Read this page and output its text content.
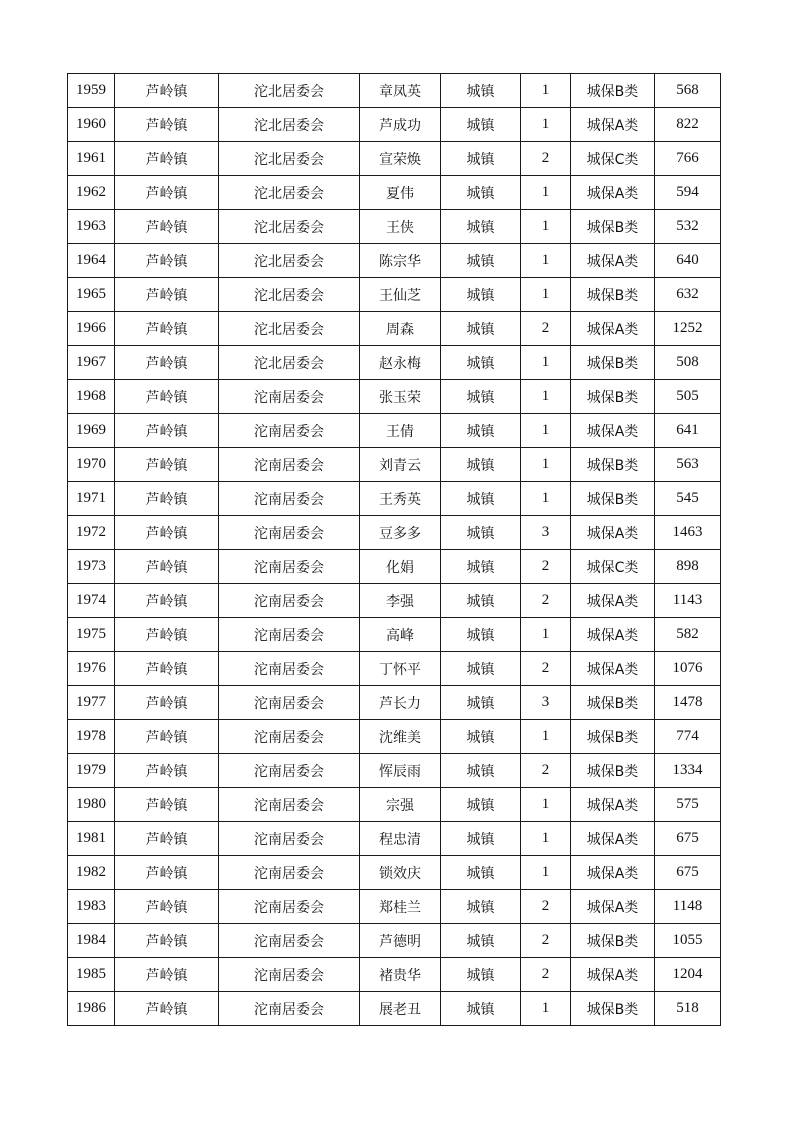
1959	芦岭镇	沱北居委会	章凤英	城镇	1	城保B类	568
1960	芦岭镇	沱北居委会	芦成功	城镇	1	城保A类	822
1961	芦岭镇	沱北居委会	宣荣焕	城镇	2	城保C类	766
1962	芦岭镇	沱北居委会	夏伟	城镇	1	城保A类	594
1963	芦岭镇	沱北居委会	王侠	城镇	1	城保B类	532
1964	芦岭镇	沱北居委会	陈宗华	城镇	1	城保A类	640
1965	芦岭镇	沱北居委会	王仙芝	城镇	1	城保B类	632
1966	芦岭镇	沱北居委会	周森	城镇	2	城保A类	1252
1967	芦岭镇	沱北居委会	赵永梅	城镇	1	城保B类	508
1968	芦岭镇	沱南居委会	张玉荣	城镇	1	城保B类	505
1969	芦岭镇	沱南居委会	王倩	城镇	1	城保A类	641
1970	芦岭镇	沱南居委会	刘青云	城镇	1	城保B类	563
1971	芦岭镇	沱南居委会	王秀英	城镇	1	城保B类	545
1972	芦岭镇	沱南居委会	豆多多	城镇	3	城保A类	1463
1973	芦岭镇	沱南居委会	化娟	城镇	2	城保C类	898
1974	芦岭镇	沱南居委会	李强	城镇	2	城保A类	1143
1975	芦岭镇	沱南居委会	高峰	城镇	1	城保A类	582
1976	芦岭镇	沱南居委会	丁怀平	城镇	2	城保A类	1076
1977	芦岭镇	沱南居委会	芦长力	城镇	3	城保B类	1478
1978	芦岭镇	沱南居委会	沈维美	城镇	1	城保B类	774
1979	芦岭镇	沱南居委会	恽辰雨	城镇	2	城保B类	1334
1980	芦岭镇	沱南居委会	宗强	城镇	1	城保A类	575
1981	芦岭镇	沱南居委会	程忠清	城镇	1	城保A类	675
1982	芦岭镇	沱南居委会	锁效庆	城镇	1	城保A类	675
1983	芦岭镇	沱南居委会	郑桂兰	城镇	2	城保A类	1148
1984	芦岭镇	沱南居委会	芦德明	城镇	2	城保B类	1055
1985	芦岭镇	沱南居委会	褚贵华	城镇	2	城保A类	1204
1986	芦岭镇	沱南居委会	展老丑	城镇	1	城保B类	518
